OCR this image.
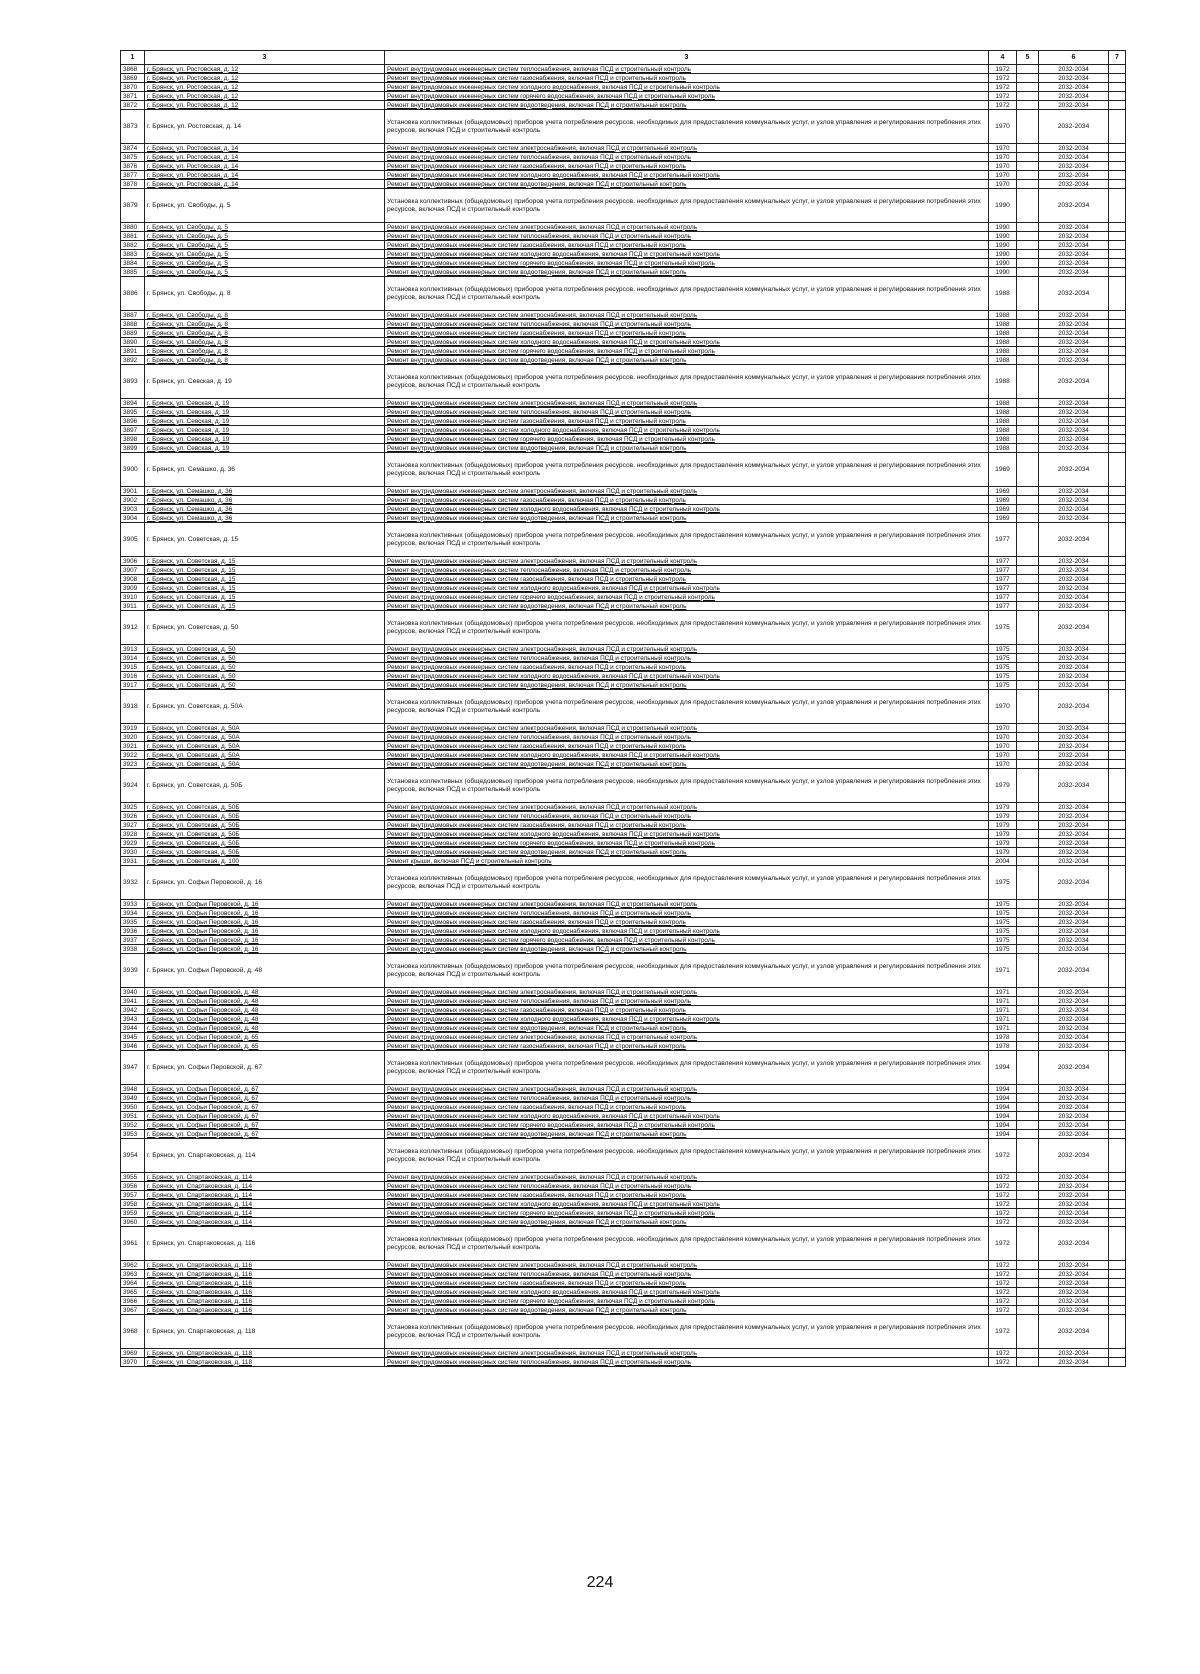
1	3	3	4	5	6	7
3868	г. Брянск, ул. Ростовская, д. 12	Ремонт внутридомовых инженерных систем теплоснабжения, включая ПСД и строительный контроль	1972		2032-2034	
3869	г. Брянск, ул. Ростовская, д. 12	Ремонт внутридомовых инженерных систем газоснабжения, включая ПСД и строительный контроль	1972		2032-2034	
3870	г. Брянск, ул. Ростовская, д. 12	Ремонт внутридомовых инженерных систем холодного водоснабжения, включая ПСД и строительный контроль	1972		2032-2034	
3871	г. Брянск, ул. Ростовская, д. 12	Ремонт внутридомовых инженерных систем горячего водоснабжения, включая ПСД и строительный контроль	1972		2032-2034	
3872	г. Брянск, ул. Ростовская, д. 12	Ремонт внутридомовых инженерных систем водоотведения, включая ПСД и строительный контроль	1972		2032-2034	
3873	г. Брянск, ул. Ростовская, д. 14	Установка коллективных (общедомовых) приборов учета потребления ресурсов, необходимых для предоставления коммунальных услуг, и узлов управления и регулирования потребления этих ресурсов, включая ПСД и строительный контроль	1970		2032-2034	
3874	г. Брянск, ул. Ростовская, д. 14	Ремонт внутридомовых инженерных систем электроснабжения, включая ПСД и строительный контроль	1970		2032-2034	
3875	г. Брянск, ул. Ростовская, д. 14	Ремонт внутридомовых инженерных систем теплоснабжения, включая ПСД и строительный контроль	1970		2032-2034	
3876	г. Брянск, ул. Ростовская, д. 14	Ремонт внутридомовых инженерных систем газоснабжения, включая ПСД и строительный контроль	1970		2032-2034	
3877	г. Брянск, ул. Ростовская, д. 14	Ремонт внутридомовых инженерных систем холодного водоснабжения, включая ПСД и строительный контроль	1970		2032-2034	
3878	г. Брянск, ул. Ростовская, д. 14	Ремонт внутридомовых инженерных систем водоотведения, включая ПСД и строительный контроль	1970		2032-2034	
3879	г. Брянск, ул. Свободы, д. 5	Установка коллективных (общедомовых) приборов учета потребления ресурсов, необходимых для предоставления коммунальных услуг, и узлов управления и регулирования потребления этих ресурсов, включая ПСД и строительный контроль	1990		2032-2034	
3880	г. Брянск, ул. Свободы, д. 5	Ремонт внутридомовых инженерных систем электроснабжения, включая ПСД и строительный контроль	1990		2032-2034	
3881	г. Брянск, ул. Свободы, д. 5	Ремонт внутридомовых инженерных систем теплоснабжения, включая ПСД и строительный контроль	1990		2032-2034	
3882	г. Брянск, ул. Свободы, д. 5	Ремонт внутридомовых инженерных систем газоснабжения, включая ПСД и строительный контроль	1990		2032-2034	
3883	г. Брянск, ул. Свободы, д. 5	Ремонт внутридомовых инженерных систем холодного водоснабжения, включая ПСД и строительный контроль	1990		2032-2034	
3884	г. Брянск, ул. Свободы, д. 5	Ремонт внутридомовых инженерных систем горячего водоснабжения, включая ПСД и строительный контроль	1990		2032-2034	
3885	г. Брянск, ул. Свободы, д. 5	Ремонт внутридомовых инженерных систем водоотведения, включая ПСД и строительный контроль	1990		2032-2034	
3886	г. Брянск, ул. Свободы, д. 8	Установка коллективных (общедомовых) приборов учета потребления ресурсов, необходимых для предоставления коммунальных услуг, и узлов управления и регулирования потребления этих ресурсов, включая ПСД и строительный контроль	1988		2032-2034	
3887	г. Брянск, ул. Свободы, д. 8	Ремонт внутридомовых инженерных систем электроснабжения, включая ПСД и строительный контроль	1988		2032-2034	
3888	г. Брянск, ул. Свободы, д. 8	Ремонт внутридомовых инженерных систем теплоснабжения, включая ПСД и строительный контроль	1988		2032-2034	
3889	г. Брянск, ул. Свободы, д. 8	Ремонт внутридомовых инженерных систем газоснабжения, включая ПСД и строительный контроль	1988		2032-2034	
3890	г. Брянск, ул. Свободы, д. 8	Ремонт внутридомовых инженерных систем холодного водоснабжения, включая ПСД и строительный контроль	1988		2032-2034	
3891	г. Брянск, ул. Свободы, д. 8	Ремонт внутридомовых инженерных систем горячего водоснабжения, включая ПСД и строительный контроль	1988		2032-2034	
3892	г. Брянск, ул. Свободы, д. 8	Ремонт внутридомовых инженерных систем водоотведения, включая ПСД и строительный контроль	1988		2032-2034	
3893	г. Брянск, ул. Севская, д. 19	Установка коллективных (общедомовых) приборов учета потребления ресурсов, необходимых для предоставления коммунальных услуг, и узлов управления и регулирования потребления этих ресурсов, включая ПСД и строительный контроль	1988		2032-2034	
3894	г. Брянск, ул. Севская, д. 19	Ремонт внутридомовых инженерных систем электроснабжения, включая ПСД и строительный контроль	1988		2032-2034	
3895	г. Брянск, ул. Севская, д. 19	Ремонт внутридомовых инженерных систем теплоснабжения, включая ПСД и строительный контроль	1988		2032-2034	
3896	г. Брянск, ул. Севская, д. 19	Ремонт внутридомовых инженерных систем газоснабжения, включая ПСД и строительный контроль	1988		2032-2034	
3897	г. Брянск, ул. Севская, д. 19	Ремонт внутридомовых инженерных систем холодного водоснабжения, включая ПСД и строительный контроль	1988		2032-2034	
3898	г. Брянск, ул. Севская, д. 19	Ремонт внутридомовых инженерных систем горячего водоснабжения, включая ПСД и строительный контроль	1988		2032-2034	
3899	г. Брянск, ул. Севская, д. 19	Ремонт внутридомовых инженерных систем водоотведения, включая ПСД и строительный контроль	1988		2032-2034	
3900	г. Брянск, ул. Семашко, д. 36	Установка коллективных (общедомовых) приборов учета потребления ресурсов, необходимых для предоставления коммунальных услуг, и узлов управления и регулирования потребления этих ресурсов, включая ПСД и строительный контроль	1969		2032-2034	
3901	г. Брянск, ул. Семашко, д. 36	Ремонт внутридомовых инженерных систем электроснабжения, включая ПСД и строительный контроль	1969		2032-2034	
3902	г. Брянск, ул. Семашко, д. 36	Ремонт внутридомовых инженерных систем газоснабжения, включая ПСД и строительный контроль	1969		2032-2034	
3903	г. Брянск, ул. Семашко, д. 36	Ремонт внутридомовых инженерных систем холодного водоснабжения, включая ПСД и строительный контроль	1969		2032-2034	
3904	г. Брянск, ул. Семашко, д. 36	Ремонт внутридомовых инженерных систем водоотведения, включая ПСД и строительный контроль	1969		2032-2034	
3905	г. Брянск, ул. Советская, д. 15	Установка коллективных (общедомовых) приборов учета потребления ресурсов, необходимых для предоставления коммунальных услуг, и узлов управления и регулирования потребления этих ресурсов, включая ПСД и строительный контроль	1977		2032-2034	
3906	г. Брянск, ул. Советская, д. 15	Ремонт внутридомовых инженерных систем электроснабжения, включая ПСД и строительный контроль	1977		2032-2034	
3907	г. Брянск, ул. Советская, д. 15	Ремонт внутридомовых инженерных систем теплоснабжения, включая ПСД и строительный контроль	1977		2032-2034	
3908	г. Брянск, ул. Советская, д. 15	Ремонт внутридомовых инженерных систем газоснабжения, включая ПСД и строительный контроль	1977		2032-2034	
3909	г. Брянск, ул. Советская, д. 15	Ремонт внутридомовых инженерных систем холодного водоснабжения, включая ПСД и строительный контроль	1977		2032-2034	
3910	г. Брянск, ул. Советская, д. 15	Ремонт внутридомовых инженерных систем горячего водоснабжения, включая ПСД и строительный контроль	1977		2032-2034	
3911	г. Брянск, ул. Советская, д. 15	Ремонт внутридомовых инженерных систем водоотведения, включая ПСД и строительный контроль	1977		2032-2034	
3912	г. Брянск, ул. Советская, д. 50	Установка коллективных (общедомовых) приборов учета потребления ресурсов, необходимых для предоставления коммунальных услуг, и узлов управления и регулирования потребления этих ресурсов, включая ПСД и строительный контроль	1975		2032-2034	
3913	г. Брянск, ул. Советская, д. 50	Ремонт внутридомовых инженерных систем электроснабжения, включая ПСД и строительный контроль	1975		2032-2034	
3914	г. Брянск, ул. Советская, д. 50	Ремонт внутридомовых инженерных систем теплоснабжения, включая ПСД и строительный контроль	1975		2032-2034	
3915	г. Брянск, ул. Советская, д. 50	Ремонт внутридомовых инженерных систем газоснабжения, включая ПСД и строительный контроль	1975		2032-2034	
3916	г. Брянск, ул. Советская, д. 50	Ремонт внутридомовых инженерных систем холодного водоснабжения, включая ПСД и строительный контроль	1975		2032-2034	
3917	г. Брянск, ул. Советская, д. 50	Ремонт внутридомовых инженерных систем водоотведения, включая ПСД и строительный контроль	1975		2032-2034	
3918	г. Брянск, ул. Советская, д. 50А	Установка коллективных (общедомовых) приборов учета потребления ресурсов, необходимых для предоставления коммунальных услуг, и узлов управления и регулирования потребления этих ресурсов, включая ПСД и строительный контроль	1970		2032-2034	
3919	г. Брянск, ул. Советская, д. 50А	Ремонт внутридомовых инженерных систем электроснабжения, включая ПСД и строительный контроль	1970		2032-2034	
3920	г. Брянск, ул. Советская, д. 50А	Ремонт внутридомовых инженерных систем теплоснабжения, включая ПСД и строительный контроль	1970		2032-2034	
3921	г. Брянск, ул. Советская, д. 50А	Ремонт внутридомовых инженерных систем газоснабжения, включая ПСД и строительный контроль	1970		2032-2034	
3922	г. Брянск, ул. Советская, д. 50А	Ремонт внутридомовых инженерных систем холодного водоснабжения, включая ПСД и строительный контроль	1970		2032-2034	
3923	г. Брянск, ул. Советская, д. 50А	Ремонт внутридомовых инженерных систем водоотведения, включая ПСД и строительный контроль	1970		2032-2034	
3924	г. Брянск, ул. Советская, д. 50Б	Установка коллективных (общедомовых) приборов учета потребления ресурсов, необходимых для предоставления коммунальных услуг, и узлов управления и регулирования потребления этих ресурсов, включая ПСД и строительный контроль	1979		2032-2034	
3925	г. Брянск, ул. Советская, д. 50Б	Ремонт внутридомовых инженерных систем электроснабжения, включая ПСД и строительный контроль	1979		2032-2034	
3926	г. Брянск, ул. Советская, д. 50Б	Ремонт внутридомовых инженерных систем теплоснабжения, включая ПСД и строительный контроль	1979		2032-2034	
3927	г. Брянск, ул. Советская, д. 50Б	Ремонт внутридомовых инженерных систем газоснабжения, включая ПСД и строительный контроль	1979		2032-2034	
3928	г. Брянск, ул. Советская, д. 50Б	Ремонт внутридомовых инженерных систем холодного водоснабжения, включая ПСД и строительный контроль	1979		2032-2034	
3929	г. Брянск, ул. Советская, д. 50Б	Ремонт внутридомовых инженерных систем горячего водоснабжения, включая ПСД и строительный контроль	1979		2032-2034	
3930	г. Брянск, ул. Советская, д. 50Б	Ремонт внутридомовых инженерных систем водоотведения, включая ПСД и строительный контроль	1979		2032-2034	
3931	г. Брянск, ул. Советская, д. 100	Ремонт крыши, включая ПСД и строительный контроль	2004		2032-2034	
3932	г. Брянск, ул. Софьи Перовской, д. 16	Установка коллективных (общедомовых) приборов учета потребления ресурсов, необходимых для предоставления коммунальных услуг, и узлов управления и регулирования потребления этих ресурсов, включая ПСД и строительный контроль	1975		2032-2034	
3933	г. Брянск, ул. Софьи Перовской, д. 16	Ремонт внутридомовых инженерных систем электроснабжения, включая ПСД и строительный контроль	1975		2032-2034	
3934	г. Брянск, ул. Софьи Перовской, д. 16	Ремонт внутридомовых инженерных систем теплоснабжения, включая ПСД и строительный контроль	1975		2032-2034	
3935	г. Брянск, ул. Софьи Перовской, д. 16	Ремонт внутридомовых инженерных систем газоснабжения, включая ПСД и строительный контроль	1975		2032-2034	
3936	г. Брянск, ул. Софьи Перовской, д. 16	Ремонт внутридомовых инженерных систем холодного водоснабжения, включая ПСД и строительный контроль	1975		2032-2034	
3937	г. Брянск, ул. Софьи Перовской, д. 16	Ремонт внутридомовых инженерных систем горячего водоснабжения, включая ПСД и строительный контроль	1975		2032-2034	
3938	г. Брянск, ул. Софьи Перовской, д. 16	Ремонт внутридомовых инженерных систем водоотведения, включая ПСД и строительный контроль	1975		2032-2034	
3939	г. Брянск, ул. Софьи Перовской, д. 48	Установка коллективных (общедомовых) приборов учета потребления ресурсов, необходимых для предоставления коммунальных услуг, и узлов управления и регулирования потребления этих ресурсов, включая ПСД и строительный контроль	1971		2032-2034	
3940	г. Брянск, ул. Софьи Перовской, д. 48	Ремонт внутридомовых инженерных систем электроснабжения, включая ПСД и строительный контроль	1971		2032-2034	
3941	г. Брянск, ул. Софьи Перовской, д. 48	Ремонт внутридомовых инженерных систем теплоснабжения, включая ПСД и строительный контроль	1971		2032-2034	
3942	г. Брянск, ул. Софьи Перовской, д. 48	Ремонт внутридомовых инженерных систем газоснабжения, включая ПСД и строительный контроль	1971		2032-2034	
3943	г. Брянск, ул. Софьи Перовской, д. 48	Ремонт внутридомовых инженерных систем холодного водоснабжения, включая ПСД и строительный контроль	1971		2032-2034	
3944	г. Брянск, ул. Софьи Перовской, д. 48	Ремонт внутридомовых инженерных систем водоотведения, включая ПСД и строительный контроль	1971		2032-2034	
3945	г. Брянск, ул. Софьи Перовской, д. 65	Ремонт внутридомовых инженерных систем электроснабжения, включая ПСД и строительный контроль	1978		2032-2034	
3946	г. Брянск, ул. Софьи Перовской, д. 65	Ремонт внутридомовых инженерных систем газоснабжения, включая ПСД и строительный контроль	1978		2032-2034	
3947	г. Брянск, ул. Софьи Перовской, д. 67	Установка коллективных (общедомовых) приборов учета потребления ресурсов, необходимых для предоставления коммунальных услуг, и узлов управления и регулирования потребления этих ресурсов, включая ПСД и строительный контроль	1994		2032-2034	
3948	г. Брянск, ул. Софьи Перовской, д. 67	Ремонт внутридомовых инженерных систем электроснабжения, включая ПСД и строительный контроль	1994		2032-2034	
3949	г. Брянск, ул. Софьи Перовской, д. 67	Ремонт внутридомовых инженерных систем теплоснабжения, включая ПСД и строительный контроль	1994		2032-2034	
3950	г. Брянск, ул. Софьи Перовской, д. 67	Ремонт внутридомовых инженерных систем газоснабжения, включая ПСД и строительный контроль	1994		2032-2034	
3951	г. Брянск, ул. Софьи Перовской, д. 67	Ремонт внутридомовых инженерных систем холодного водоснабжения, включая ПСД и строительный контроль	1994		2032-2034	
3952	г. Брянск, ул. Софьи Перовской, д. 67	Ремонт внутридомовых инженерных систем горячего водоснабжения, включая ПСД и строительный контроль	1994		2032-2034	
3953	г. Брянск, ул. Софьи Перовской, д. 67	Ремонт внутридомовых инженерных систем водоотведения, включая ПСД и строительный контроль	1994		2032-2034	
3954	г. Брянск, ул. Спартаковская, д. 114	Установка коллективных (общедомовых) приборов учета потребления ресурсов, необходимых для предоставления коммунальных услуг, и узлов управления и регулирования потребления этих ресурсов, включая ПСД и строительный контроль	1972		2032-2034	
3955	г. Брянск, ул. Спартаковская, д. 114	Ремонт внутридомовых инженерных систем электроснабжения, включая ПСД и строительный контроль	1972		2032-2034	
3956	г. Брянск, ул. Спартаковская, д. 114	Ремонт внутридомовых инженерных систем теплоснабжения, включая ПСД и строительный контроль	1972		2032-2034	
3957	г. Брянск, ул. Спартаковская, д. 114	Ремонт внутридомовых инженерных систем газоснабжения, включая ПСД и строительный контроль	1972		2032-2034	
3958	г. Брянск, ул. Спартаковская, д. 114	Ремонт внутридомовых инженерных систем холодного водоснабжения, включая ПСД и строительный контроль	1972		2032-2034	
3959	г. Брянск, ул. Спартаковская, д. 114	Ремонт внутридомовых инженерных систем горячего водоснабжения, включая ПСД и строительный контроль	1972		2032-2034	
3960	г. Брянск, ул. Спартаковская, д. 114	Ремонт внутридомовых инженерных систем водоотведения, включая ПСД и строительный контроль	1972		2032-2034	
3961	г. Брянск, ул. Спартаковская, д. 116	Установка коллективных (общедомовых) приборов учета потребления ресурсов, необходимых для предоставления коммунальных услуг, и узлов управления и регулирования потребления этих ресурсов, включая ПСД и строительный контроль	1972		2032-2034	
3962	г. Брянск, ул. Спартаковская, д. 116	Ремонт внутридомовых инженерных систем электроснабжения, включая ПСД и строительный контроль	1972		2032-2034	
3963	г. Брянск, ул. Спартаковская, д. 116	Ремонт внутридомовых инженерных систем теплоснабжения, включая ПСД и строительный контроль	1972		2032-2034	
3964	г. Брянск, ул. Спартаковская, д. 116	Ремонт внутридомовых инженерных систем газоснабжения, включая ПСД и строительный контроль	1972		2032-2034	
3965	г. Брянск, ул. Спартаковская, д. 116	Ремонт внутридомовых инженерных систем холодного водоснабжения, включая ПСД и строительный контроль	1972		2032-2034	
3966	г. Брянск, ул. Спартаковская, д. 116	Ремонт внутридомовых инженерных систем горячего водоснабжения, включая ПСД и строительный контроль	1972		2032-2034	
3967	г. Брянск, ул. Спартаковская, д. 116	Ремонт внутридомовых инженерных систем водоотведения, включая ПСД и строительный контроль	1972		2032-2034	
3968	г. Брянск, ул. Спартаковская, д. 118	Установка коллективных (общедомовых) приборов учета потребления ресурсов, необходимых для предоставления коммунальных услуг, и узлов управления и регулирования потребления этих ресурсов, включая ПСД и строительный контроль	1972		2032-2034	
3969	г. Брянск, ул. Спартаковская, д. 118	Ремонт внутридомовых инженерных систем электроснабжения, включая ПСД и строительный контроль	1972		2032-2034	
3970	г. Брянск, ул. Спартаковская, д. 118	Ремонт внутридомовых инженерных систем теплоснабжения, включая ПСД и строительный контроль	1972		2032-2034	
224
